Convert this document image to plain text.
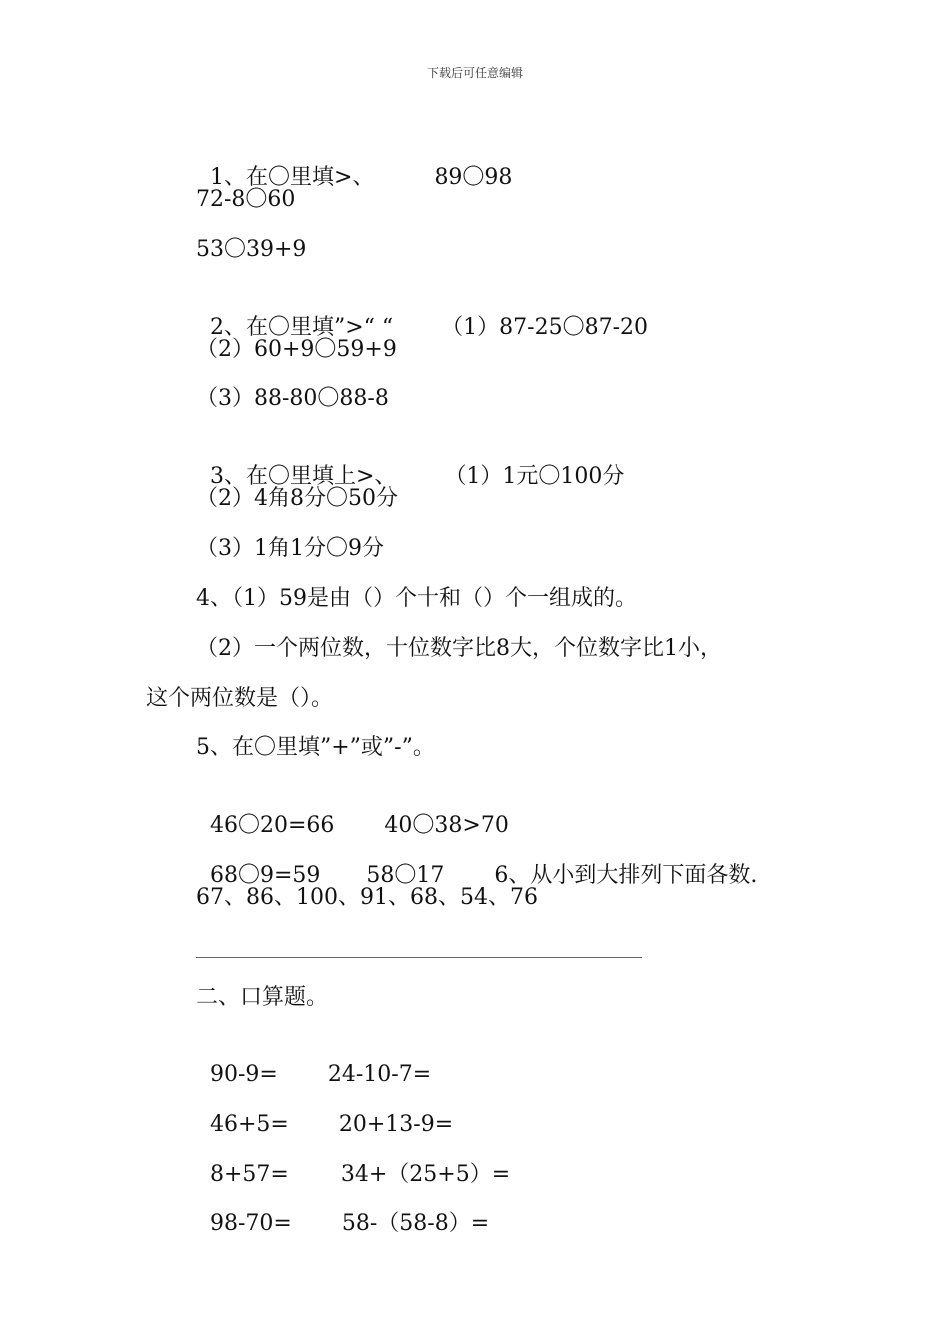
下载后可任意编辑

1、在〇里填>、	89〇98

72-8〇60
53〇39+9

2、在〇里填”>“ “ （1）87-25〇87-20

（2）60+9〇59+9
（3）88-80〇88-8

3、在〇里填上>、 （1）1元〇100分

（2）4角8分〇50分
（3）1角1分〇9分
4、（1）59是由（）个十和（）个一组成的。
（2）一个两位数，十位数字比8大，个位数字比1小，
这个两位数是（）。
5、在〇里填”+”或”-”。

46〇20=66 40〇38>70

68〇9=59 58〇17 6、从小到大排列下面各数.

67、86、100、91、68、54、76
二、口算题。

90-9= 24-10-7=

46+5= 20+13-9=

8+57= 34+（25+5）=

98-70= 58-（58-8）=
